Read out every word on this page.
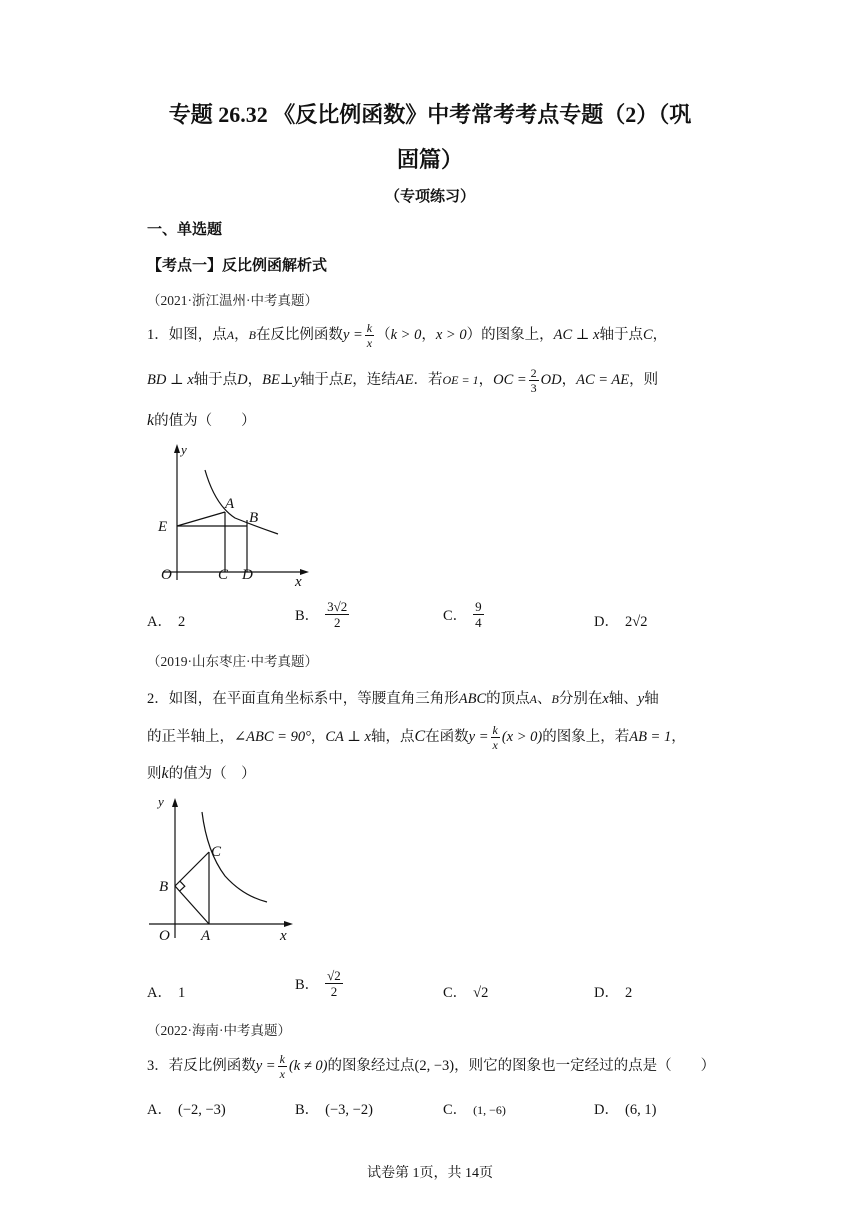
专题 26.32 《反比例函数》中考常考考点专题（2）（巩
固篇）
（专项练习）
一、单选题
【考点一】反比例函解析式
（2021·浙江温州·中考真题）
1．如图，点A，B在反比例函数$y = \frac{k}{x} (k > 0$，x > 0）的图象上，AC ⊥ x轴于点C，
BD ⊥ x轴于点D，BE⊥y轴于点E，连结AE．若OE = 1，OC = $\frac{2}{3}$ OD，AC = AE，则
k的值为（　　）
y
x
O
E
A
B
C D
A． 2	B． $\frac{3√2}{2}$	C． $\frac{9}{4}$	D． 2√2
（2019·山东枣庄·中考真题）
2．如图，在平面直角坐标系中，等腰直角三角形ABC的顶点A、B分别在x轴、y轴
的正半轴上，∠ABC = 90°，CA ⊥ x轴，点C在函数$y = \frac{k}{x} (x > 0)$的图象上，若AB = 1，
则k的值为（　）
y
x
O
B
C
A
A． 1	B． $\frac{√2}{2}$	C． √2	D． 2
（2022·海南·中考真题）
3．若反比例函数$y = \frac{k}{x} (k \ne 0)$的图象经过点(2, −3)，则它的图象也一定经过的点是（　　）
A． (−2, −3)	B． (−3, −2)	C． (1, −6)	D． (6, 1)
试卷第 1页，共 14页
